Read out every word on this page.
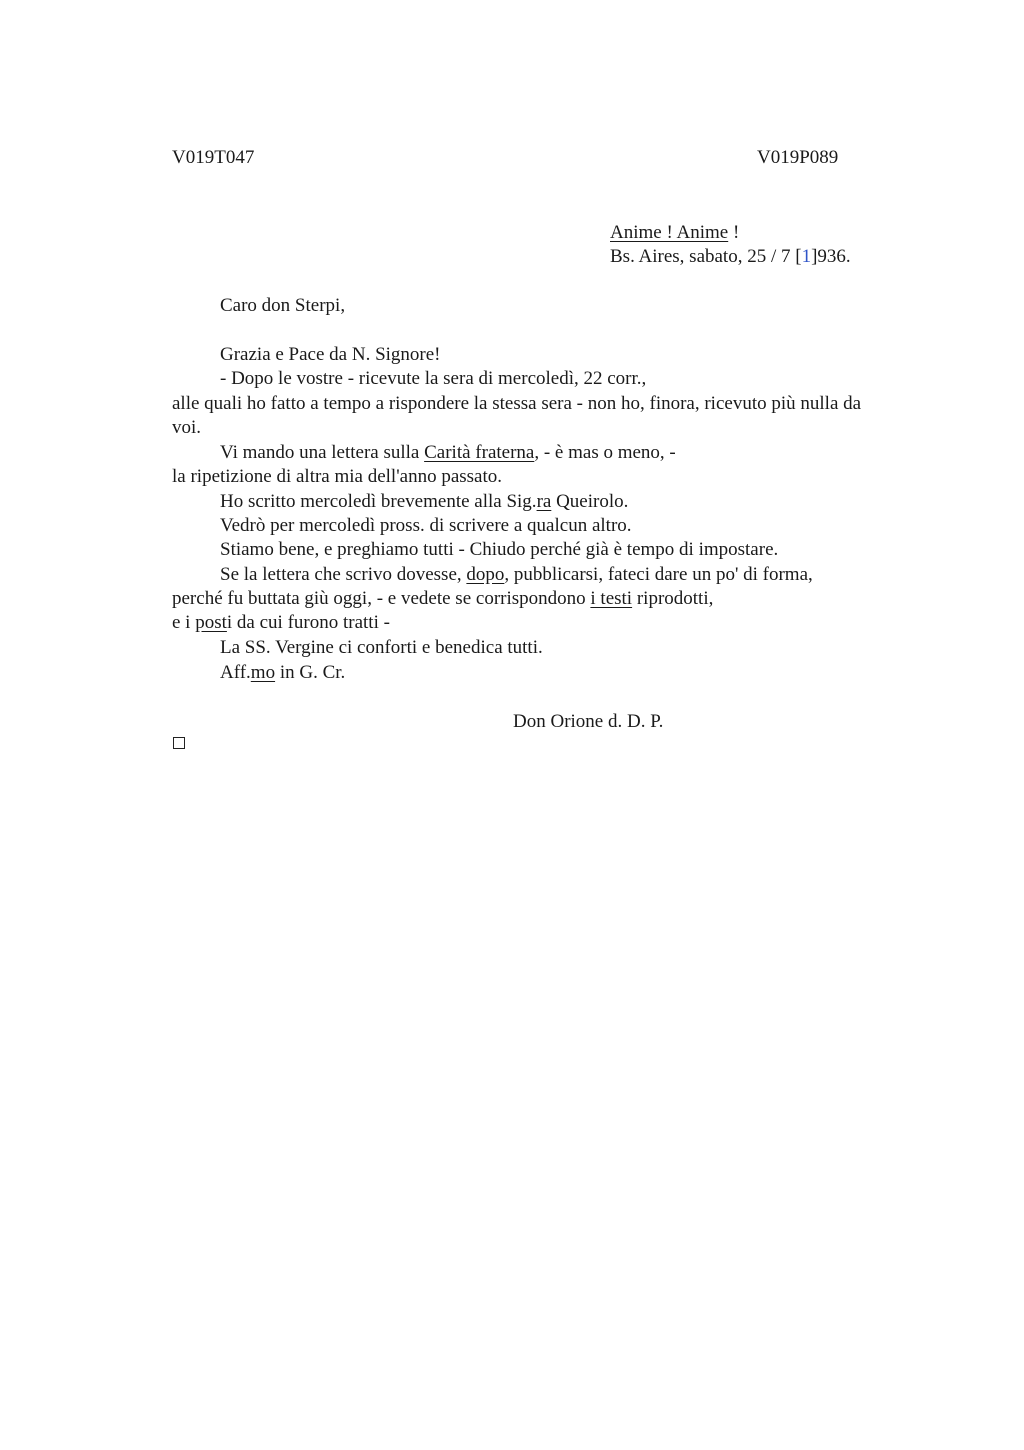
V019T047	V019P089
Anime ! Anime !
Bs. Aires, sabato, 25 / 7 [1]936.
Caro don Sterpi,
Grazia e Pace da N. Signore!
- Dopo le vostre - ricevute la sera di mercoledì, 22 corr.,
alle quali ho fatto a tempo a rispondere la stessa sera - non ho, finora, ricevuto più nulla da
voi.
Vi mando una lettera sulla Carità fraterna, - è mas o meno, -
la ripetizione di altra mia dell'anno passato.
Ho scritto mercoledì brevemente alla Sig.ra Queirolo.
Vedrò per mercoledì pross. di scrivere a qualcun altro.
Stiamo bene, e preghiamo tutti - Chiudo perché già è tempo di impostare.
Se la lettera che scrivo dovesse, dopo, pubblicarsi, fateci dare un po' di forma,
perché fu buttata giù oggi, - e vedete se corrispondono i testi riprodotti,
e i posti da cui furono tratti -
La SS. Vergine ci conforti e benedica tutti.
Aff.mo in G. Cr.
Don Orione d. D. P.
